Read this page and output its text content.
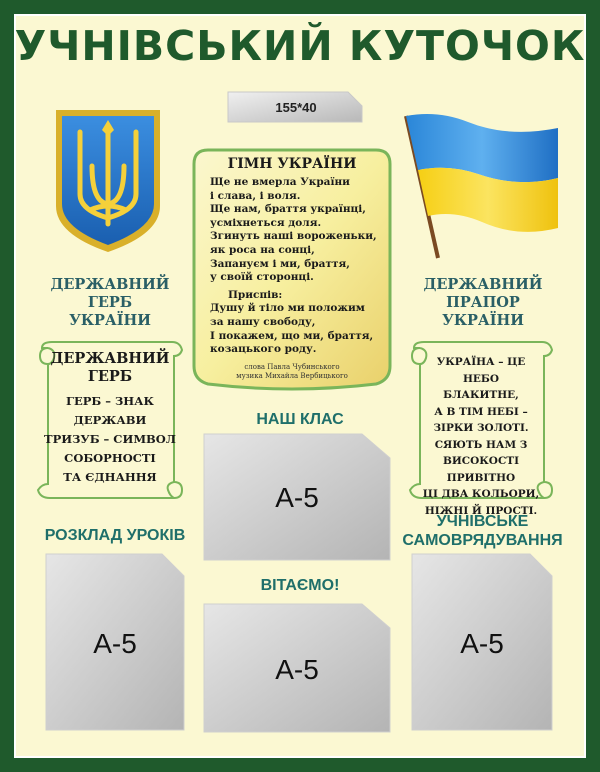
УЧНІВСЬКИЙ КУТОЧОК
155*40
ДЕРЖАВНИЙ
ГЕРБ
УКРАЇНИ
ДЕРЖАВНИЙ
ПРАПОР
УКРАЇНИ
ГІМН УКРАЇНИ
Ще не вмерла України
і слава, і воля.
Ще нам, браття українці,
усміхнеться доля.
Згинуть наші вороженьки,
як роса на сонці,
Запануєм і ми, браття,
у своїй сторонці.
Приспів:
Душу й тіло ми положим
за нашу свободу,
І покажем, що ми, браття,
козацького роду.
слова Павла Чубинського
музика Михайла Вербицького
ДЕРЖАВНИЙ
ГЕРБ
ГЕРБ – ЗНАК
ДЕРЖАВИ
ТРИЗУБ – СИМВОЛ
СОБОРНОСТІ
ТА ЄДНАННЯ
УКРАЇНА – ЦЕ НЕБО
БЛАКИТНЕ,
А В ТІМ НЕБІ –
ЗІРКИ ЗОЛОТІ.
СЯЮТЬ НАМ З
ВИСОКОСТІ ПРИВІТНО
ЦІ ДВА КОЛЬОРИ,
НІЖНІ Й ПРОСТІ.
НАШ КЛАС
РОЗКЛАД УРОКІВ
УЧНІВСЬКЕ
САМОВРЯДУВАННЯ
ВІТАЄМО!
А-5
А-5
А-5
А-5
